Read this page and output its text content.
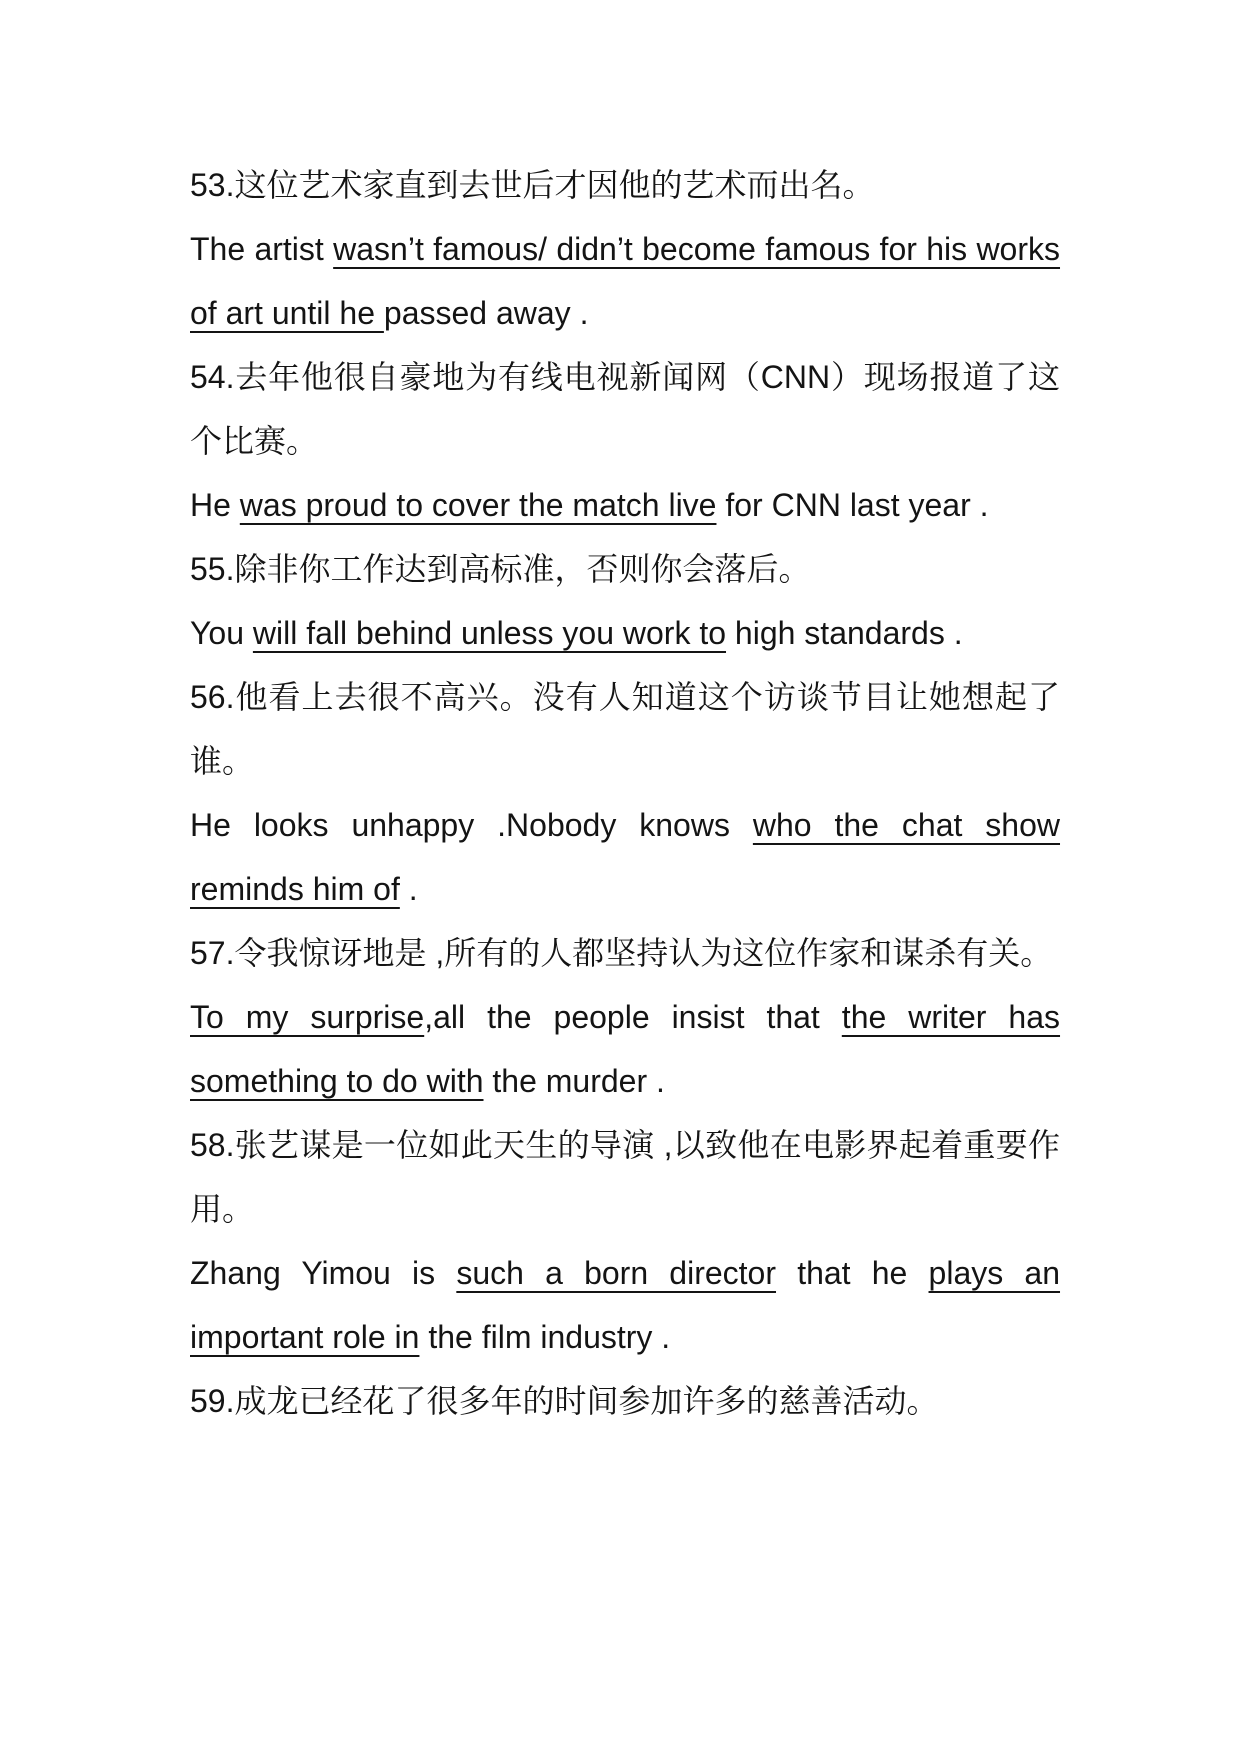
53.这位艺术家直到去世后才因他的艺术而出名。

The artist wasn’t famous/ didn’t become famous for his works of art until he passed away .

54.去年他很自豪地为有线电视新闻网（CNN）现场报道了这个比赛。

He was proud to cover the match live for CNN last year .

55.除非你工作达到高标准，否则你会落后。

You will fall behind unless you work to high standards .

56.他看上去很不高兴。没有人知道这个访谈节目让她想起了谁。

He looks unhappy .Nobody knows who the chat show reminds him of .

57.令我惊讶地是 ,所有的人都坚持认为这位作家和谋杀有关。

To my surprise,all the people insist that the writer has something to do with the murder .

58.张艺谋是一位如此天生的导演 ,以致他在电影界起着重要作用。

Zhang Yimou is such a born director that he plays an important role in the film industry .

59.成龙已经花了很多年的时间参加许多的慈善活动。
